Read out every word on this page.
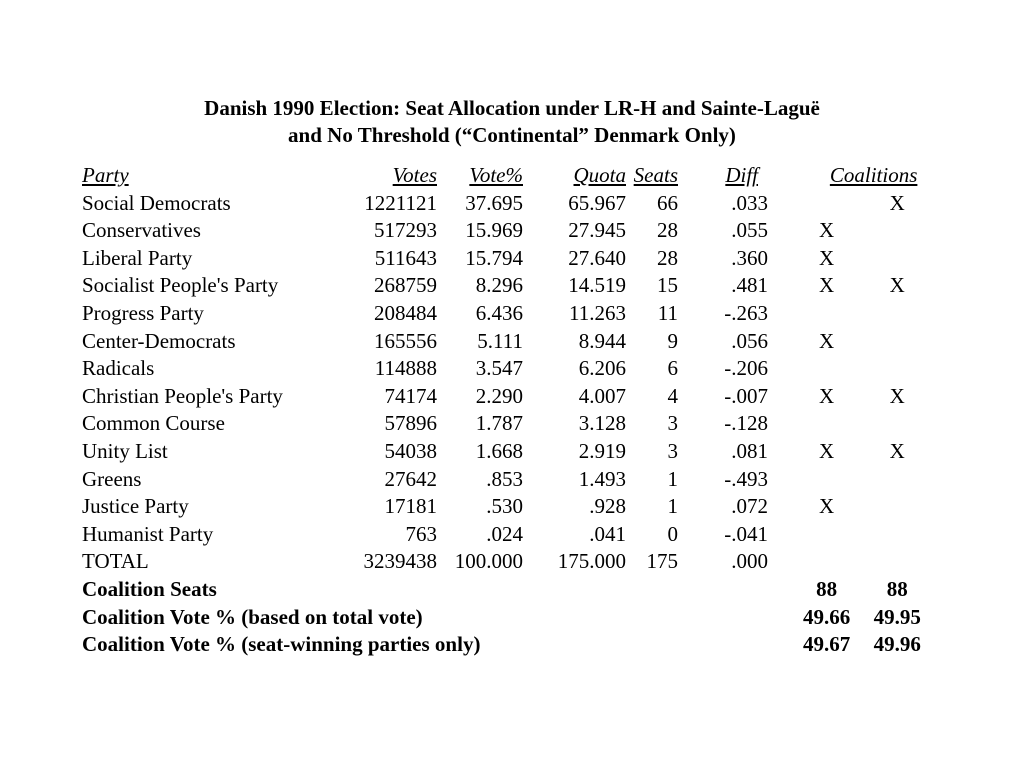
Danish 1990 Election: Seat Allocation under LR-H and Sainte-Laguë
and No Threshold (“Continental” Denmark Only)
Party	Votes	Vote%	Quota	Seats	Diff		Coalitions	
Social Democrats	1221121	37.695	65.967	66	.033			X
Conservatives	517293	15.969	27.945	28	.055		X	
Liberal Party	511643	15.794	27.640	28	.360		X	
Socialist People's Party	268759	8.296	14.519	15	.481		X	X
Progress Party	208484	6.436	11.263	11	-.263			
Center-Democrats	165556	5.111	8.944	9	.056		X	
Radicals	114888	3.547	6.206	6	-.206			
Christian People's Party	74174	2.290	4.007	4	-.007		X	X
Common Course	57896	1.787	3.128	3	-.128			
Unity List	54038	1.668	2.919	3	.081		X	X
Greens	27642	.853	1.493	1	-.493			
Justice Party	17181	.530	.928	1	.072		X	
Humanist Party	763	.024	.041	0	-.041			
TOTAL	3239438	100.000	175.000	175	.000			
Coalition Seats							88	88
Coalition Vote % (based on total vote)							49.66	49.95
Coalition Vote % (seat-winning parties only)							49.67	49.96
